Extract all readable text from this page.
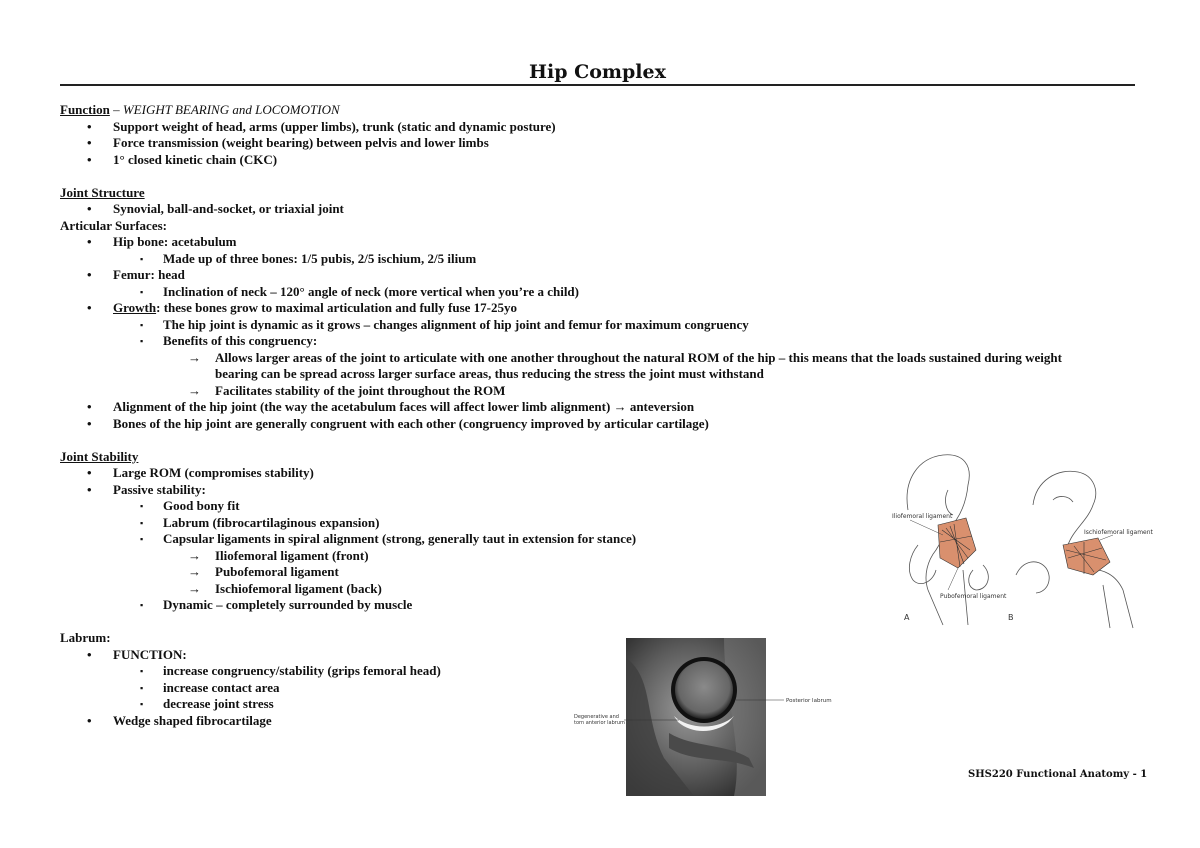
Hip Complex
Function – WEIGHT BEARING and LOCOMOTION
• Support weight of head, arms (upper limbs), trunk (static and dynamic posture)
• Force transmission (weight bearing) between pelvis and lower limbs
• 1° closed kinetic chain (CKC)
Joint Structure
• Synovial, ball-and-socket, or triaxial joint
Articular Surfaces:
• Hip bone: acetabulum
▪ Made up of three bones: 1/5 pubis, 2/5 ischium, 2/5 ilium
• Femur: head
▪ Inclination of neck – 120° angle of neck (more vertical when you’re a child)
• Growth: these bones grow to maximal articulation and fully fuse 17-25yo
▪ The hip joint is dynamic as it grows – changes alignment of hip joint and femur for maximum congruency
▪ Benefits of this congruency:
→ Allows larger areas of the joint to articulate with one another throughout the natural ROM of the hip – this means that the loads sustained during weight bearing can be spread across larger surface areas, thus reducing the stress the joint must withstand
→ Facilitates stability of the joint throughout the ROM
• Alignment of the hip joint (the way the acetabulum faces will affect lower limb alignment) → anteversion
• Bones of the hip joint are generally congruent with each other (congruency improved by articular cartilage)
Joint Stability
• Large ROM (compromises stability)
• Passive stability:
▪ Good bony fit
▪ Labrum (fibrocartilaginous expansion)
▪ Capsular ligaments in spiral alignment (strong, generally taut in extension for stance)
→ Iliofemoral ligament (front)
→ Pubofemoral ligament
→ Ischiofemoral ligament (back)
▪ Dynamic – completely surrounded by muscle
Labrum:
• FUNCTION:
▪ increase congruency/stability (grips femoral head)
▪ increase contact area
▪ decrease joint stress
• Wedge shaped fibrocartilage
Iliofemoral ligament
Pubofemoral ligament
Ischiofemoral ligament
A	B
Posterior labrum
Degenerative and torn anterior labrum
SHS220 Functional Anatomy - 1
